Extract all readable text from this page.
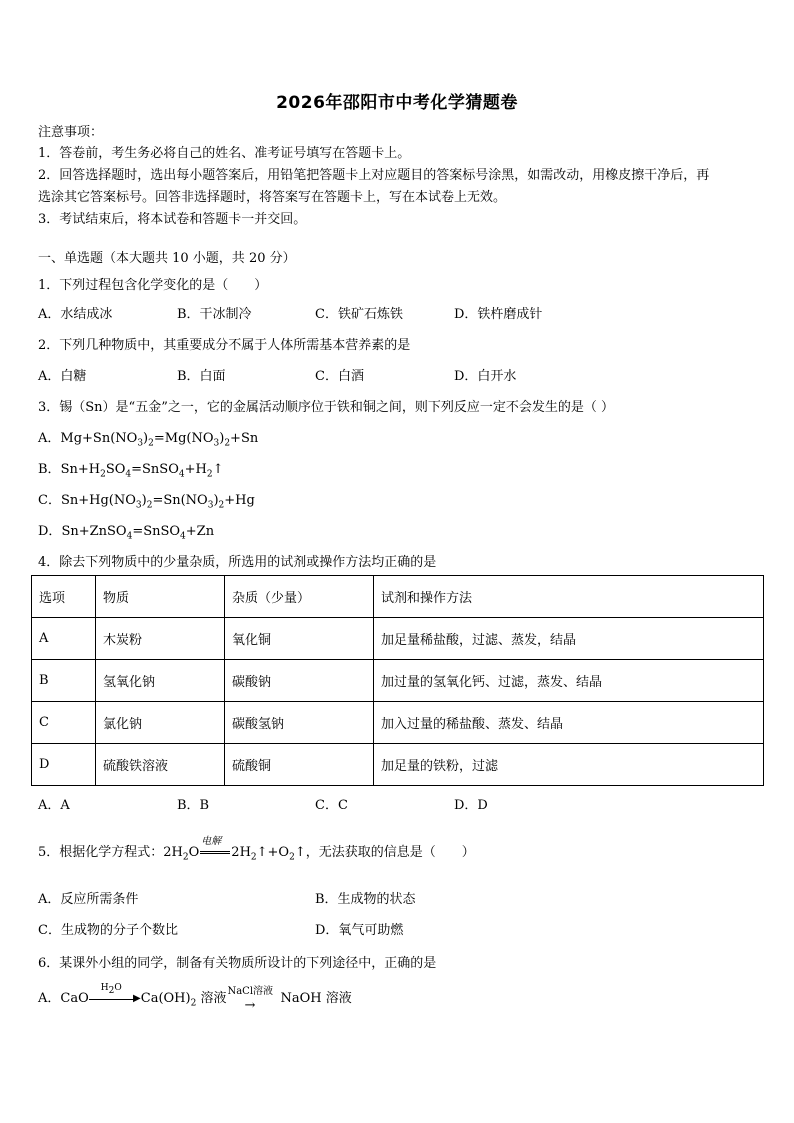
2026年邵阳市中考化学猜题卷
注意事项：
1．答卷前，考生务必将自己的姓名、准考证号填写在答题卡上。
2．回答选择题时，选出每小题答案后，用铅笔把答题卡上对应题目的答案标号涂黑，如需改动，用橡皮擦干净后，再
选涂其它答案标号。回答非选择题时，将答案写在答题卡上，写在本试卷上无效。
3．考试结束后，将本试卷和答题卡一并交回。
一、单选题（本大题共 10 小题，共 20 分）
1．下列过程包含化学变化的是（　　）
A．水结成冰	B．干冰制冷	C．铁矿石炼铁	D．铁杵磨成针
2．下列几种物质中，其重要成分不属于人体所需基本营养素的是
A．白糖	B．白面	C．白酒	D．白开水
3．锡（Sn）是“五金”之一，它的金属活动顺序位于铁和铜之间，则下列反应一定不会发生的是（ ）
A．$Mg+Sn(NO_3)_2=Mg(NO_3)_2+Sn$
B．$Sn+H_2SO_4=SnSO_4+H_2↑$
C．$Sn+Hg(NO_3)_2=Sn(NO_3)_2+Hg$
D．Sn+ZnSO$_4$=SnSO$_4$+Zn
4．除去下列物质中的少量杂质，所选用的试剂或操作方法均正确的是
选项	物质	杂质（少量）	试剂和操作方法
A	木炭粉	氧化铜	加足量稀盐酸，过滤、蒸发，结晶
B	氢氧化钠	碳酸钠	加过量的氢氧化钙、过滤，蒸发、结晶
C	氯化钠	碳酸氢钠	加入过量的稀盐酸、蒸发、结晶
D	硫酸铁溶液	硫酸铜	加足量的铁粉，过滤
A．A	B．B	C．C	D．D
5．根据化学方程式：$2H_2O$
电解
$2H_2↑+O_2↑$，无法获取的信息是（　　）
A．反应所需条件	B．生成物的状态
C．生成物的分子个数比	D．氧气可助燃
6．某课外小组的同学，制备有关物质所设计的下列途径中，正确的是
A．CaO
$H_2O$
▶ $Ca(OH)_2$ 溶液 NaCl溶液
→ NaOH 溶液
